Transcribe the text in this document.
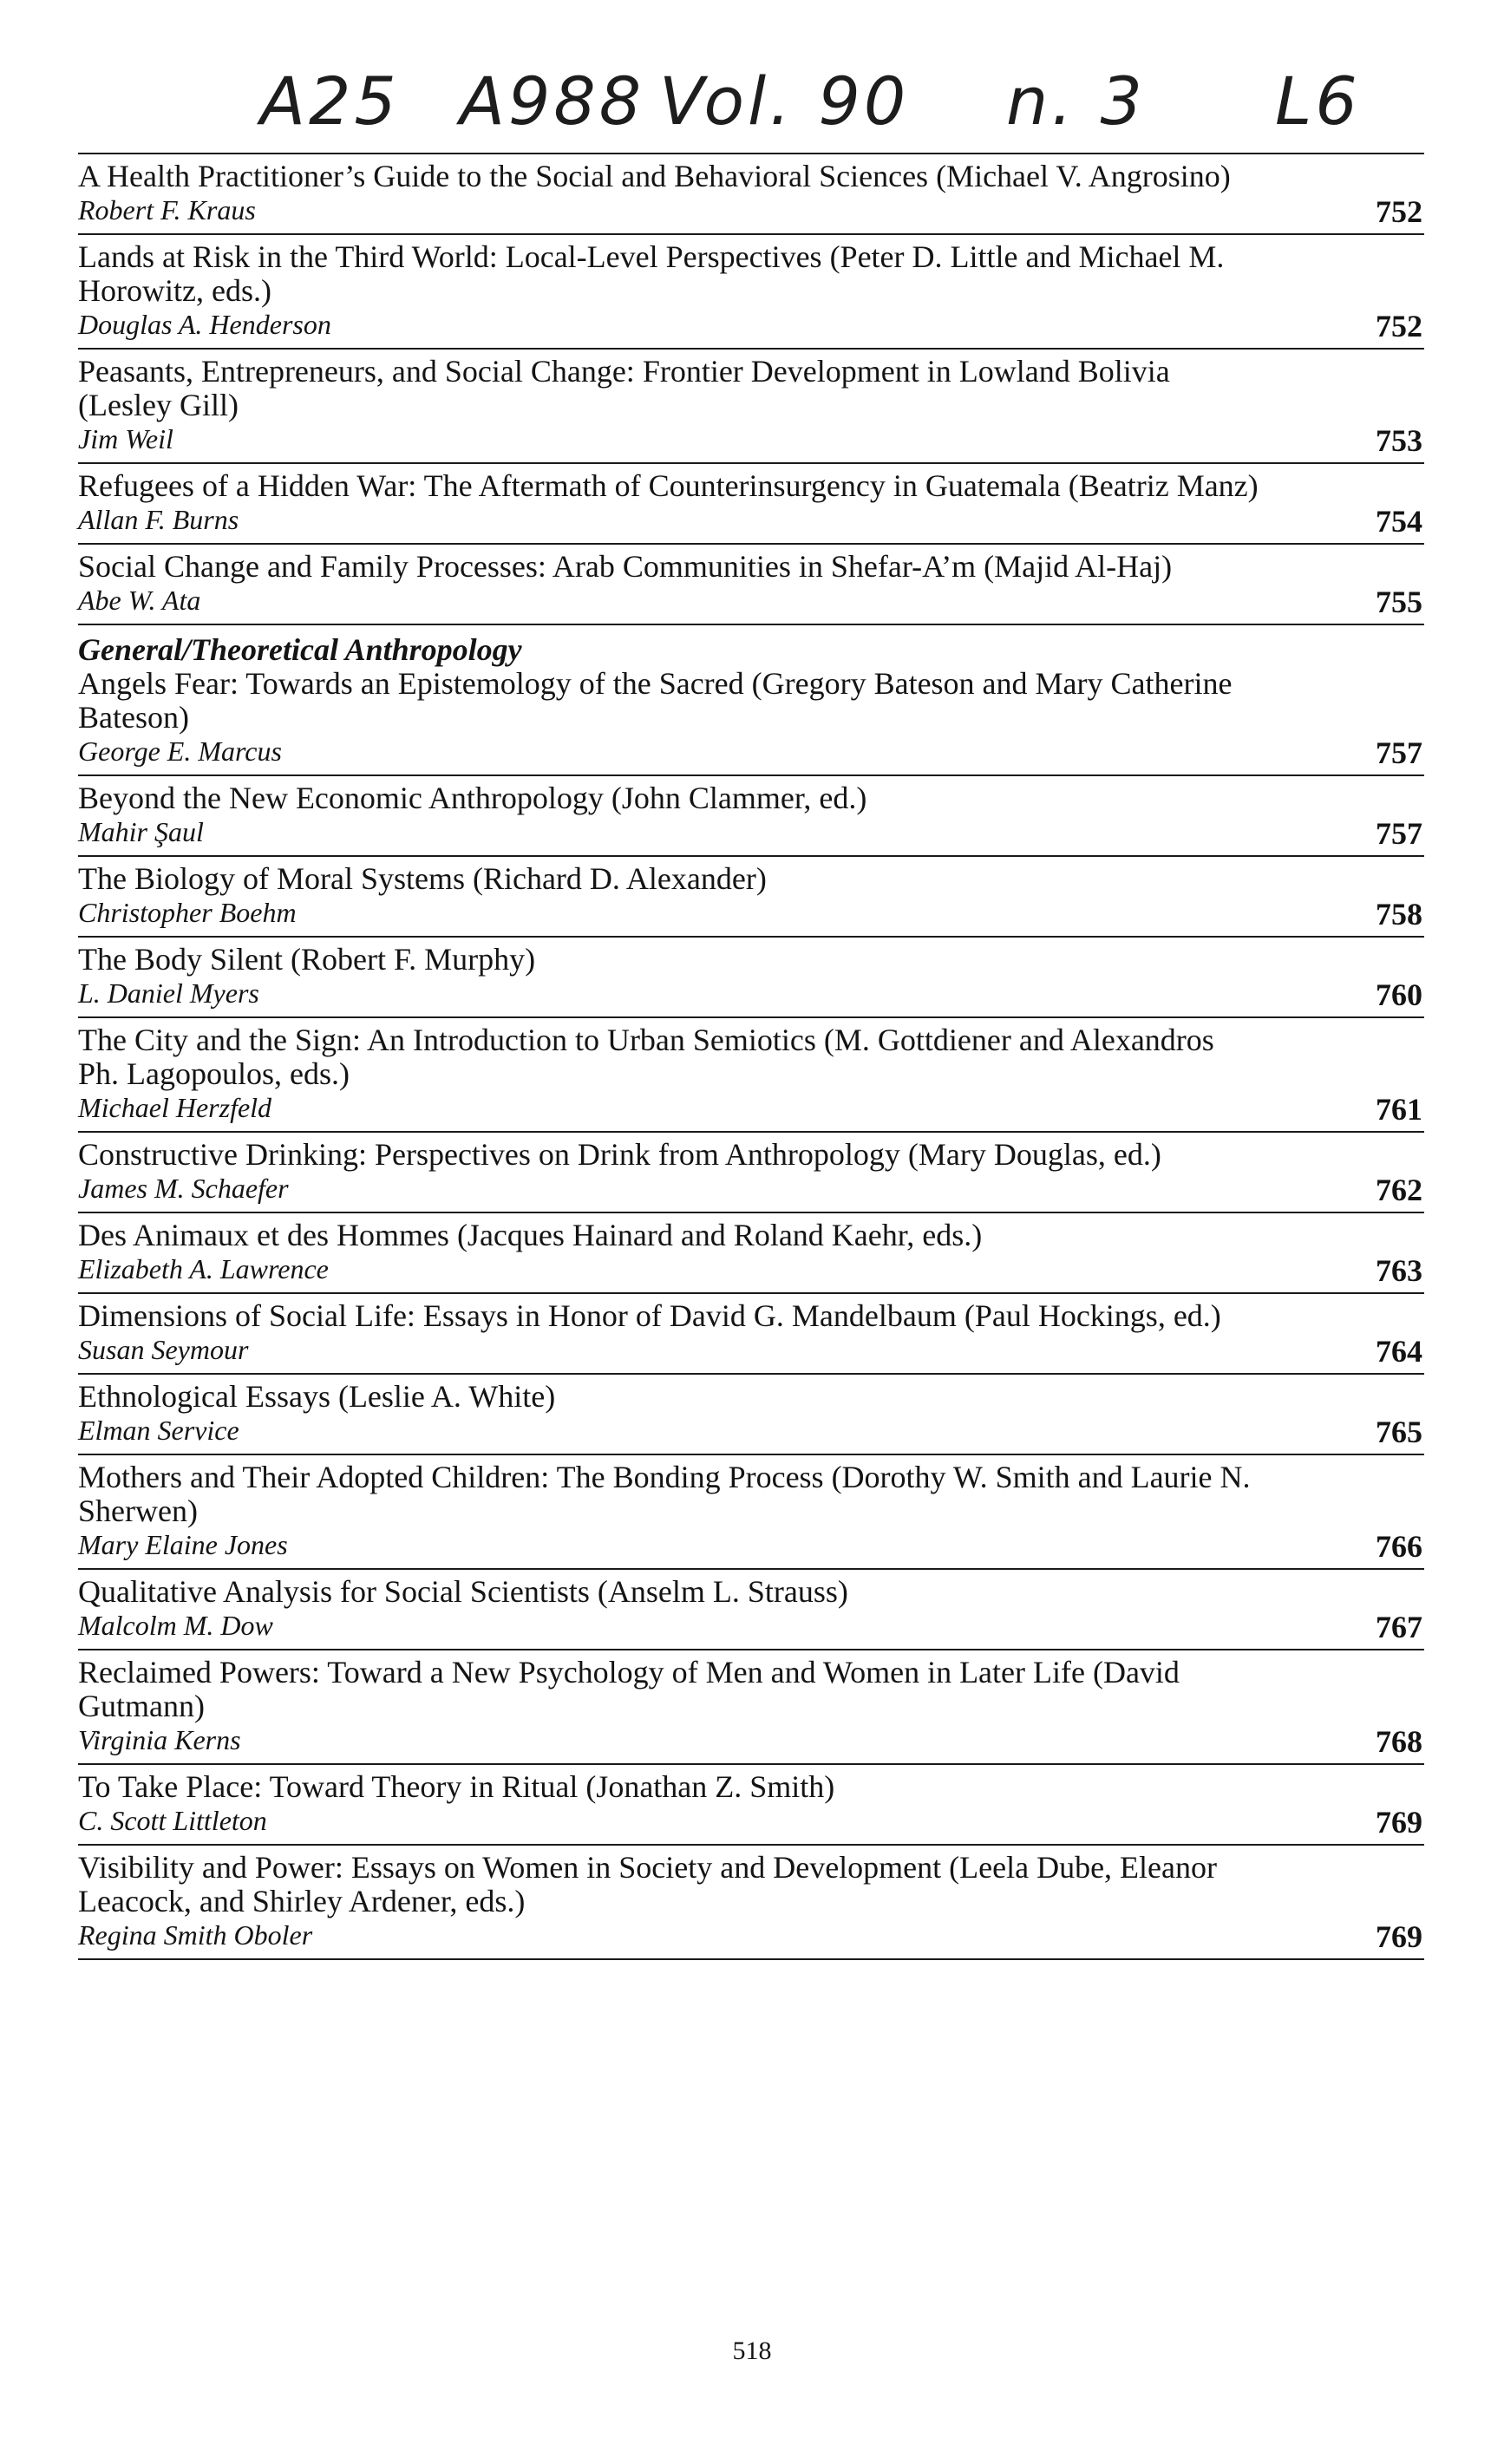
A25 A988 Vol. 90 n. 3 L6
A Health Practitioner’s Guide to the Social and Behavioral Sciences (Michael V. Angrosino)
Robert F. Kraus	752
Lands at Risk in the Third World: Local-Level Perspectives (Peter D. Little and Michael M. Horowitz, eds.)
Douglas A. Henderson	752
Peasants, Entrepreneurs, and Social Change: Frontier Development in Lowland Bolivia (Lesley Gill)
Jim Weil	753
Refugees of a Hidden War: The Aftermath of Counterinsurgency in Guatemala (Beatriz Manz)
Allan F. Burns	754
Social Change and Family Processes: Arab Communities in Shefar-A’m (Majid Al-Haj)
Abe W. Ata	755
General/Theoretical Anthropology
Angels Fear: Towards an Epistemology of the Sacred (Gregory Bateson and Mary Catherine Bateson)
George E. Marcus	757
Beyond the New Economic Anthropology (John Clammer, ed.)
Mahir Şaul	757
The Biology of Moral Systems (Richard D. Alexander)
Christopher Boehm	758
The Body Silent (Robert F. Murphy)
L. Daniel Myers	760
The City and the Sign: An Introduction to Urban Semiotics (M. Gottdiener and Alexandros Ph. Lagopoulos, eds.)
Michael Herzfeld	761
Constructive Drinking: Perspectives on Drink from Anthropology (Mary Douglas, ed.)
James M. Schaefer	762
Des Animaux et des Hommes (Jacques Hainard and Roland Kaehr, eds.)
Elizabeth A. Lawrence	763
Dimensions of Social Life: Essays in Honor of David G. Mandelbaum (Paul Hockings, ed.)
Susan Seymour	764
Ethnological Essays (Leslie A. White)
Elman Service	765
Mothers and Their Adopted Children: The Bonding Process (Dorothy W. Smith and Laurie N. Sherwen)
Mary Elaine Jones	766
Qualitative Analysis for Social Scientists (Anselm L. Strauss)
Malcolm M. Dow	767
Reclaimed Powers: Toward a New Psychology of Men and Women in Later Life (David Gutmann)
Virginia Kerns	768
To Take Place: Toward Theory in Ritual (Jonathan Z. Smith)
C. Scott Littleton	769
Visibility and Power: Essays on Women in Society and Development (Leela Dube, Eleanor Leacock, and Shirley Ardener, eds.)
Regina Smith Oboler	769
518
